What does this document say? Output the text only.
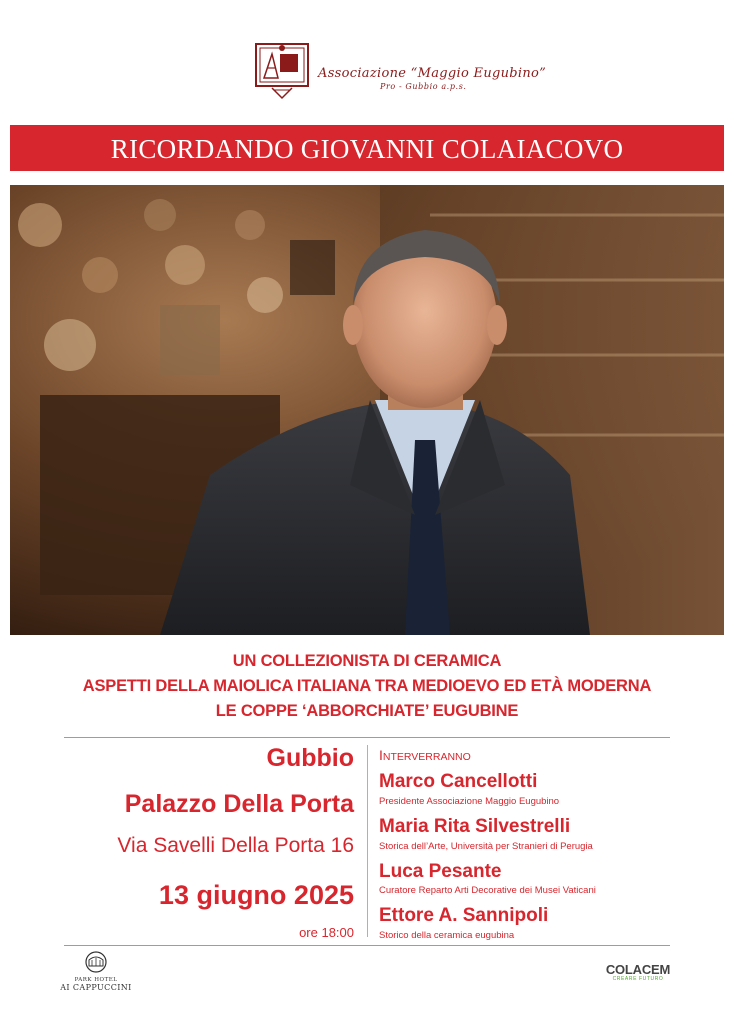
Associazione “Maggio Eugubino”
Pro - Gubbio a.p.s.
RICORDANDO GIOVANNI COLAIACOVO
UN COLLEZIONISTA DI CERAMICA
ASPETTI DELLA MAIOLICA ITALIANA TRA MEDIOEVO ED ETÀ MODERNA
LE COPPE ‘ABBORCHIATE’ EUGUBINE
Gubbio
Palazzo Della Porta
Via Savelli Della Porta 16
13 giugno 2025
ore 18:00
INTERVERRANNO
Marco Cancellotti
Presidente Associazione Maggio Eugubino
Maria Rita Silvestrelli
Storica dell’Arte, Università per Stranieri di Perugia
Luca Pesante
Curatore Reparto Arti Decorative dei Musei Vaticani
Ettore A. Sannipoli
Storico della ceramica eugubina
PARK HOTEL
AI CAPPUCCINI
COLACEM
CREARE FUTURO
